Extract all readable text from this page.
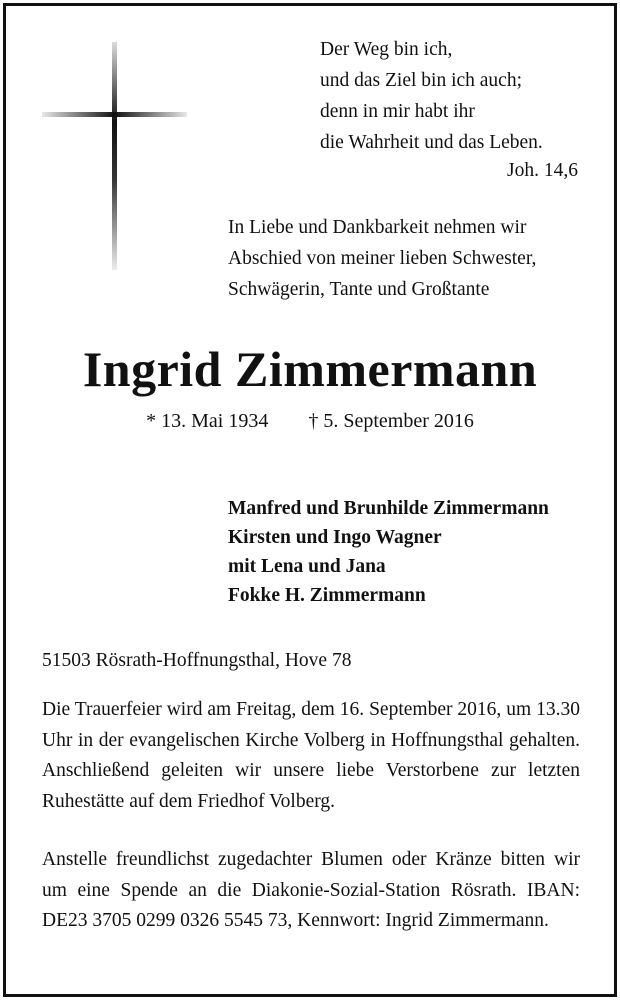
Der Weg bin ich,
und das Ziel bin ich auch;
denn in mir habt ihr
die Wahrheit und das Leben.
Joh. 14,6
In Liebe und Dankbarkeit nehmen wir
Abschied von meiner lieben Schwester,
Schwägerin, Tante und Großtante
Ingrid Zimmermann
* 13. Mai 1934 † 5. September 2016
Manfred und Brunhilde Zimmermann
Kirsten und Ingo Wagner
mit Lena und Jana
Fokke H. Zimmermann
51503 Rösrath-Hoffnungsthal, Hove 78
Die Trauerfeier wird am Freitag, dem 16. September 2016, um 13.30 Uhr in der evangelischen Kirche Volberg in Hoffnungsthal gehalten. Anschließend geleiten wir unsere liebe Verstorbene zur letzten Ruhestätte auf dem Friedhof Volberg.
Anstelle freundlichst zugedachter Blumen oder Kränze bitten wir um eine Spende an die Diakonie-Sozial-Station Rösrath. IBAN: DE23 3705 0299 0326 5545 73, Kennwort: Ingrid Zimmermann.
